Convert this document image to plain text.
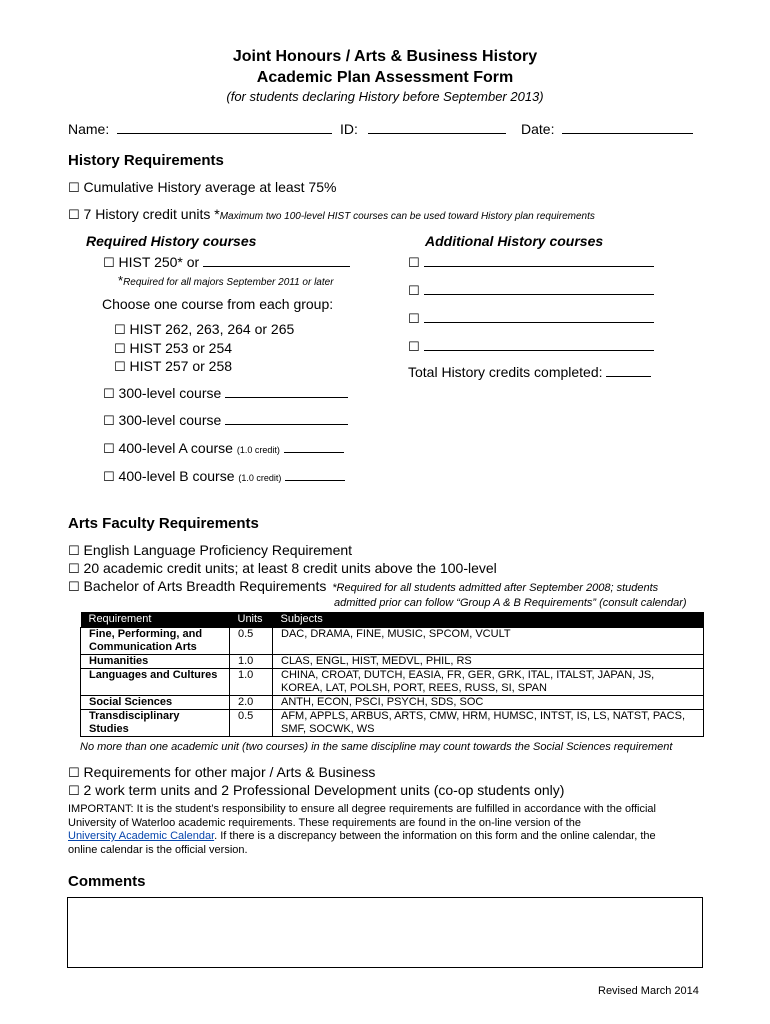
Joint Honours / Arts & Business History
Academic Plan Assessment Form
(for students declaring History before September 2013)
Name:	ID:	Date:
History Requirements
☐ Cumulative History average at least 75%
☐ 7 History credit units *Maximum two 100-level HIST courses can be used toward History plan requirements
Required History courses	Additional History courses
☐ HIST 250* or
*Required for all majors September 2011 or later
Choose one course from each group:
☐ HIST 262, 263, 264 or 265
☐ HIST 253 or 254
☐ HIST 257 or 258
☐ 300-level course
☐ 300-level course
☐ 400-level A course (1.0 credit)
☐ 400-level B course (1.0 credit)
☐
☐
☐
☐
Total History credits completed:
Arts Faculty Requirements
☐ English Language Proficiency Requirement
☐ 20 academic credit units; at least 8 credit units above the 100-level
☐ Bachelor of Arts Breadth Requirements *Required for all students admitted after September 2008; students
admitted prior can follow “Group A & B Requirements” (consult calendar)
Requirement	Units	Subjects
Fine, Performing, and Communication Arts	0.5	DAC, DRAMA, FINE, MUSIC, SPCOM, VCULT
Humanities	1.0	CLAS, ENGL, HIST, MEDVL, PHIL, RS
Languages and Cultures	1.0	CHINA, CROAT, DUTCH, EASIA, FR, GER, GRK, ITAL, ITALST, JAPAN, JS, KOREA, LAT, POLSH, PORT, REES, RUSS, SI, SPAN
Social Sciences	2.0	ANTH, ECON, PSCI, PSYCH, SDS, SOC
Transdisciplinary Studies	0.5	AFM, APPLS, ARBUS, ARTS, CMW, HRM, HUMSC, INTST, IS, LS, NATST, PACS, SMF, SOCWK, WS
No more than one academic unit (two courses) in the same discipline may count towards the Social Sciences requirement
☐ Requirements for other major / Arts & Business
☐ 2 work term units and 2 Professional Development units (co-op students only)
IMPORTANT: It is the student’s responsibility to ensure all degree requirements are fulfilled in accordance with the official
University of Waterloo academic requirements. These requirements are found in the on-line version of the
University Academic Calendar. If there is a discrepancy between the information on this form and the online calendar, the
online calendar is the official version.
Comments
Revised March 2014
